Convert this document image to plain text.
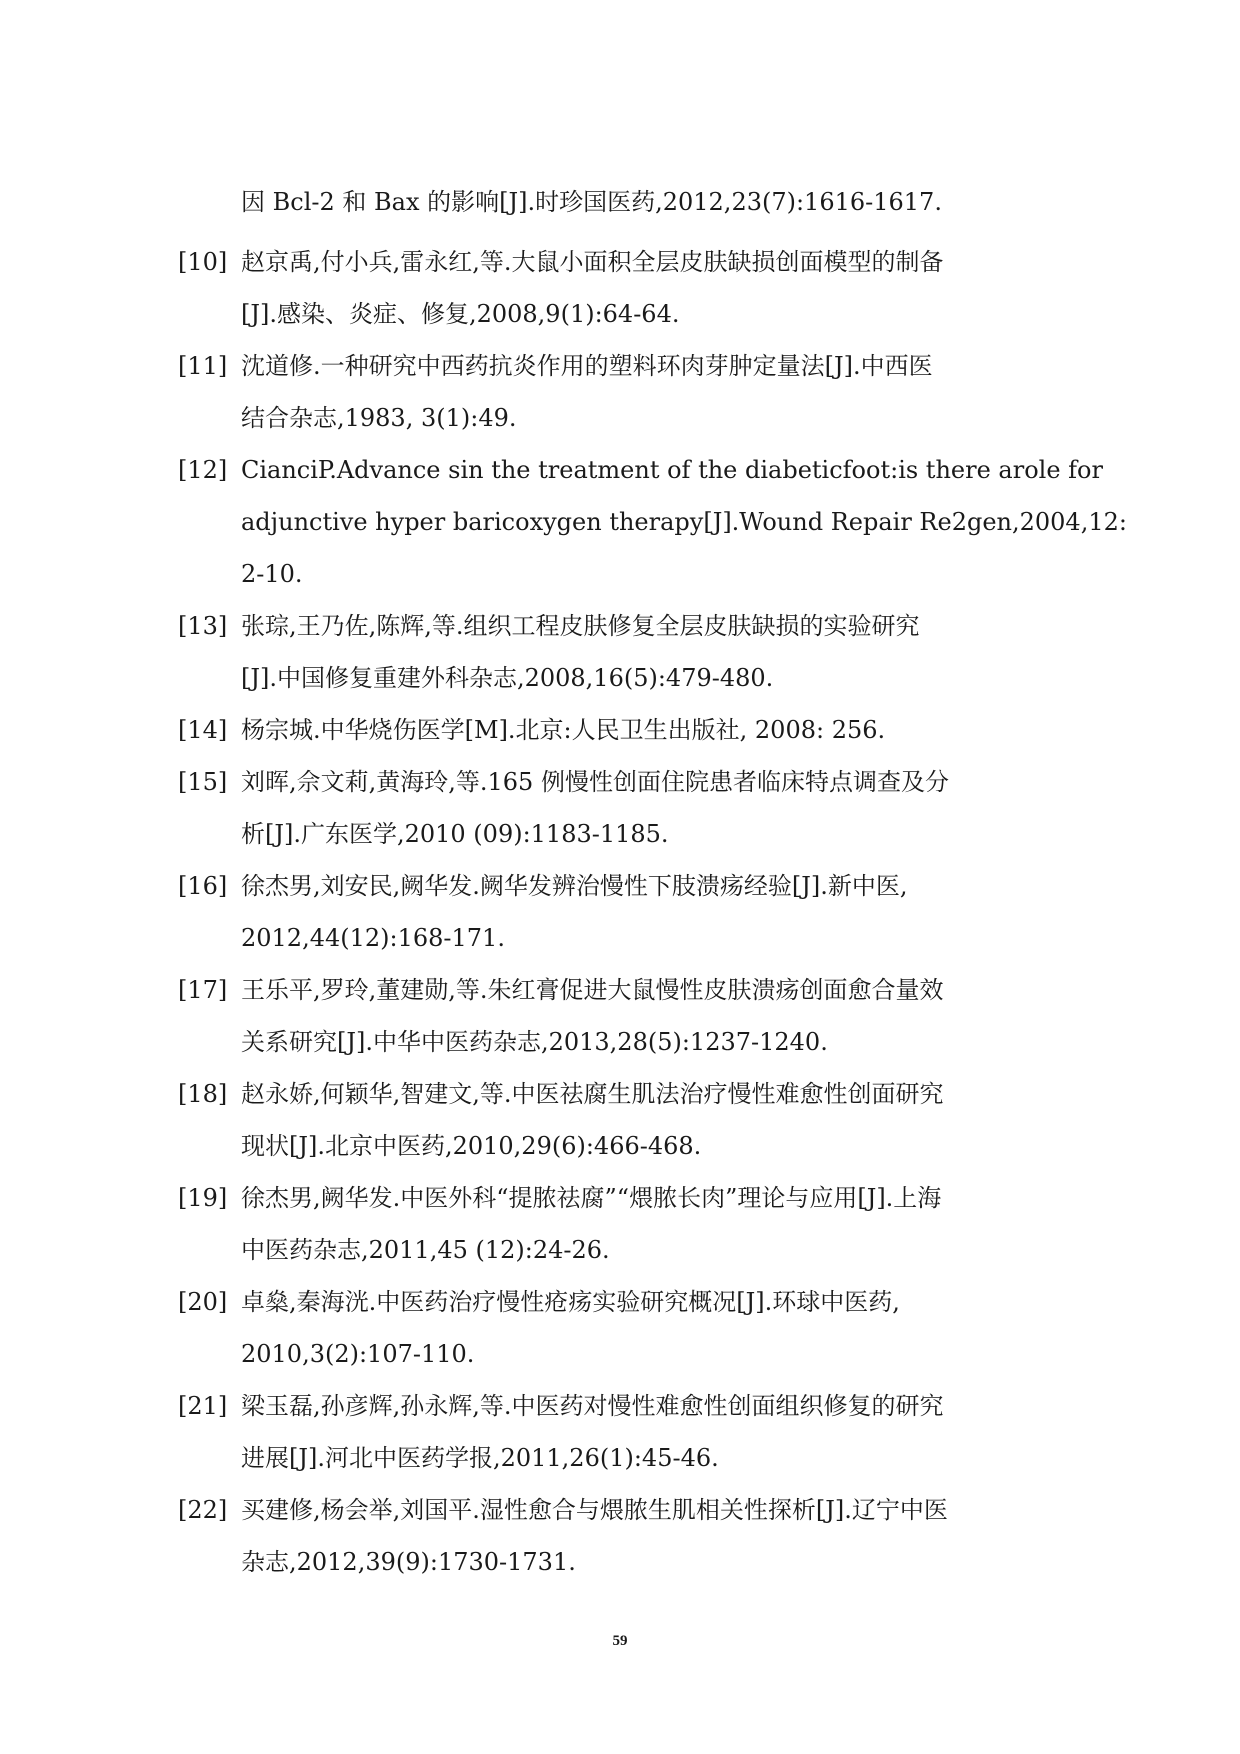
因 Bcl-2 和 Bax 的影响[J].时珍国医药,2012,23(7):1616-1617.
[10] 赵京禹,付小兵,雷永红,等.大鼠小面积全层皮肤缺损创面模型的制备
[J].感染、炎症、修复,2008,9(1):64-64.
[11] 沈道修.一种研究中西药抗炎作用的塑料环肉芽肿定量法[J].中西医
结合杂志,1983, 3(1):49.
[12] CianciP.Advance sin the treatment of the diabeticfoot:is there arole for
adjunctive hyper baricoxygen therapy[J].Wound Repair Re2gen,2004,12:
2-10.
[13] 张琮,王乃佐,陈辉,等.组织工程皮肤修复全层皮肤缺损的实验研究
[J].中国修复重建外科杂志,2008,16(5):479-480.
[14] 杨宗城.中华烧伤医学[M].北京:人民卫生出版社, 2008: 256.
[15] 刘晖,佘文莉,黄海玲,等.165 例慢性创面住院患者临床特点调查及分
析[J].广东医学,2010 (09):1183-1185.
[16] 徐杰男,刘安民,阙华发.阙华发辨治慢性下肢溃疡经验[J].新中医,
2012,44(12):168-171.
[17] 王乐平,罗玲,董建勋,等.朱红膏促进大鼠慢性皮肤溃疡创面愈合量效
关系研究[J].中华中医药杂志,2013,28(5):1237-1240.
[18] 赵永娇,何颖华,智建文,等.中医祛腐生肌法治疗慢性难愈性创面研究
现状[J].北京中医药,2010,29(6):466-468.
[19] 徐杰男,阙华发.中医外科“提脓祛腐”“煨脓长肉”理论与应用[J].上海
中医药杂志,2011,45 (12):24-26.
[20] 卓燊,秦海洸.中医药治疗慢性疮疡实验研究概况[J].环球中医药,
2010,3(2):107-110.
[21] 梁玉磊,孙彦辉,孙永辉,等.中医药对慢性难愈性创面组织修复的研究
进展[J].河北中医药学报,2011,26(1):45-46.
[22] 买建修,杨会举,刘国平.湿性愈合与煨脓生肌相关性探析[J].辽宁中医
杂志,2012,39(9):1730-1731.
59
